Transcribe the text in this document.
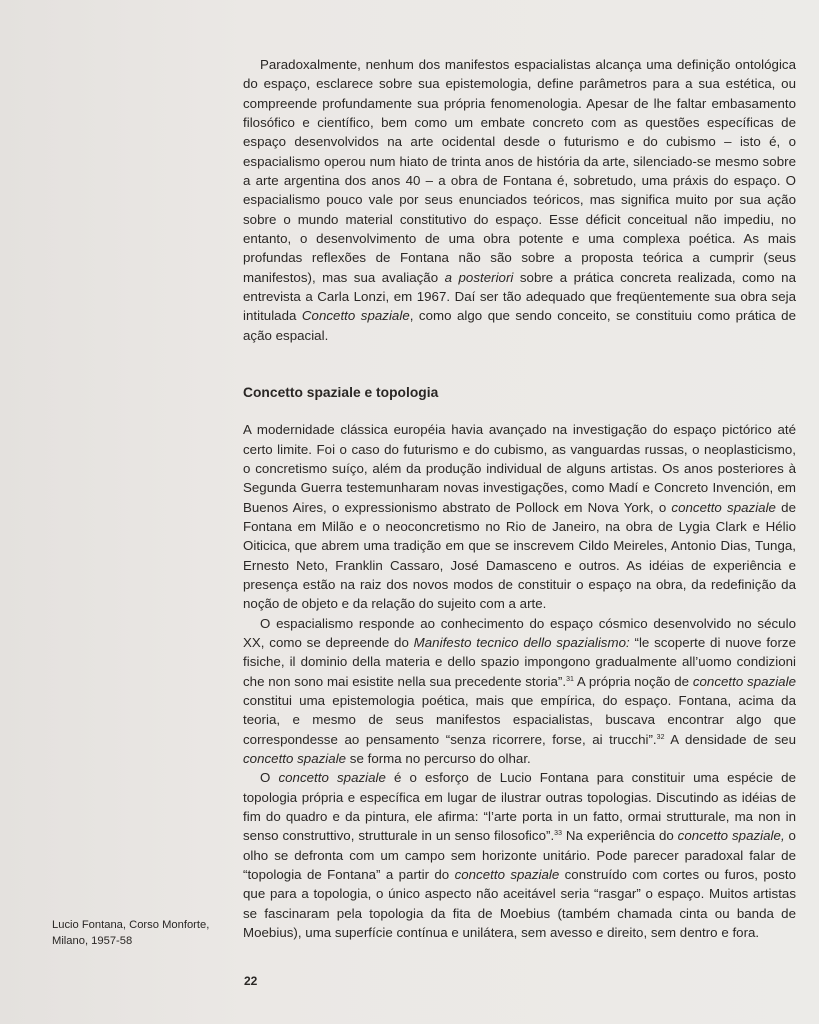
Paradoxalmente, nenhum dos manifestos espacialistas alcança uma definição ontológica do espaço, esclarece sobre sua epistemologia, define parâmetros para a sua estética, ou compreende profundamente sua própria fenomenologia. Apesar de lhe faltar embasamento filosófico e científico, bem como um embate concreto com as questões específicas de espaço desenvolvidos na arte ocidental desde o futurismo e do cubismo – isto é, o espacialismo operou num hiato de trinta anos de história da arte, silenciado-se mesmo sobre a arte argentina dos anos 40 – a obra de Fontana é, sobretudo, uma práxis do espaço. O espacialismo pouco vale por seus enunciados teóricos, mas significa muito por sua ação sobre o mundo material constitutivo do espaço. Esse déficit conceitual não impediu, no entanto, o desenvolvimento de uma obra potente e uma complexa poética. As mais profundas reflexões de Fontana não são sobre a proposta teórica a cumprir (seus manifestos), mas sua avaliação a posteriori sobre a prática concreta realizada, como na entrevista a Carla Lonzi, em 1967. Daí ser tão adequado que freqüentemente sua obra seja intitulada Concetto spaziale, como algo que sendo conceito, se constituiu como prática de ação espacial.

Concetto spaziale e topologia

A modernidade clássica européia havia avançado na investigação do espaço pictórico até certo limite. Foi o caso do futurismo e do cubismo, as vanguardas russas, o neoplasticismo, o concretismo suíço, além da produção individual de alguns artistas. Os anos posteriores à Segunda Guerra testemunharam novas investigações, como Madí e Concreto Invención, em Buenos Aires, o expressionismo abstrato de Pollock em Nova York, o concetto spaziale de Fontana em Milão e o neoconcretismo no Rio de Janeiro, na obra de Lygia Clark e Hélio Oiticica, que abrem uma tradição em que se inscrevem Cildo Meireles, Antonio Dias, Tunga, Ernesto Neto, Franklin Cassaro, José Damasceno e outros. As idéias de experiência e presença estão na raiz dos novos modos de constituir o espaço na obra, da redefinição da noção de objeto e da relação do sujeito com a arte.

O espacialismo responde ao conhecimento do espaço cósmico desenvolvido no século XX, como se depreende do Manifesto tecnico dello spazialismo: “le scoperte di nuove forze fisiche, il dominio della materia e dello spazio impongono gradualmente all’uomo condizioni che non sono mai esistite nella sua precedente storia”.$^{31}$ A própria noção de concetto spaziale constitui uma epistemologia poética, mais que empírica, do espaço. Fontana, acima da teoria, e mesmo de seus manifestos espacialistas, buscava encontrar algo que correspondesse ao pensamento “senza ricorrere, forse, ai trucchi”.$^{32}$ A densidade de seu concetto spaziale se forma no percurso do olhar.

O concetto spaziale é o esforço de Lucio Fontana para constituir uma espécie de topologia própria e específica em lugar de ilustrar outras topologias. Discutindo as idéias de fim do quadro e da pintura, ele afirma: “l’arte porta in un fatto, ormai strutturale, ma non in senso construttivo, strutturale in un senso filosofico”.$^{33}$ Na experiência do concetto spaziale, o olho se defronta com um campo sem horizonte unitário. Pode parecer paradoxal falar de “topologia de Fontana” a partir do concetto spaziale construído com cortes ou furos, posto que para a topologia, o único aspecto não aceitável seria “rasgar” o espaço. Muitos artistas se fascinaram pela topologia da fita de Moebius (também chamada cinta ou banda de Moebius), uma superfície contínua e unilátera, sem avesso e direito, sem dentro e fora.

Lucio Fontana, Corso Monforte,
Milano, 1957-58
22
